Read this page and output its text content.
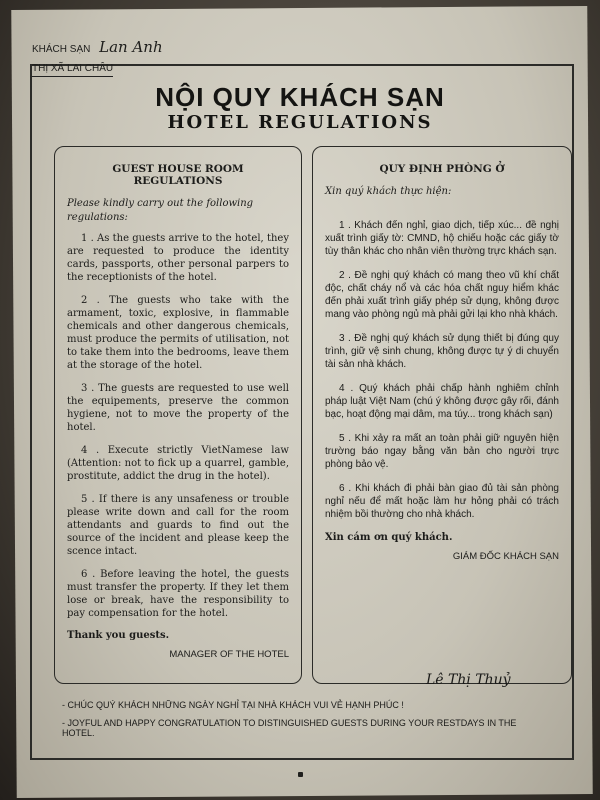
KHÁCH SẠN Lan Anh
THỊ XÃ LAI CHÂU
NỘI QUY KHÁCH SẠN
HOTEL REGULATIONS
GUEST HOUSE ROOM REGULATIONS
Please kindly carry out the following regulations:

1 . As the guests arrive to the hotel, they are requested to produce the identity cards, passports, other personal parpers to the receptionists of the hotel.

2 . The guests who take with the armament, toxic, explosive, in flammable chemicals and other dangerous chemicals, must produce the permits of utilisation, not to take them into the bedrooms, leave them at the storage of the hotel.

3 . The guests are requested to use well the equipements, preserve the common hygiene, not to move the property of the hotel.

4 . Execute strictly VietNamese law (Attention: not to fick up a quarrel, gamble, prostitute, addict the drug in the hotel).

5 . If there is any unsafeness or trouble please write down and call for the room attendants and guards to find out the source of the incident and please keep the scence intact.

6 . Before leaving the hotel, the guests must transfer the property. If they let them lose or break, have the responsibility to pay compensation for the hotel.

Thank you guests.
MANAGER OF THE HOTEL
QUY ĐỊNH PHÒNG Ở
Xin quý khách thực hiện:

1 . Khách đến nghỉ, giao dịch, tiếp xúc... đề nghị xuất trình giấy tờ: CMND, hộ chiếu hoặc các giấy tờ tùy thân khác cho nhân viên thường trực khách sạn.

2 . Đề nghị quý khách có mang theo vũ khí chất độc, chất cháy nổ và các hóa chất nguy hiểm khác đến phải xuất trình giấy phép sử dụng, không được mang vào phòng ngủ mà phải gửi lại kho nhà khách.

3 . Đề nghị quý khách sử dụng thiết bị đúng quy trình, giữ vệ sinh chung, không được tự ý di chuyển tài sản nhà khách.

4 . Quý khách phải chấp hành nghiêm chỉnh pháp luật Việt Nam (chú ý không được gây rối, đánh bạc, hoạt động mại dâm, ma túy... trong khách sạn)

5 . Khi xảy ra mất an toàn phải giữ nguyên hiện trường báo ngay bằng văn bản cho người trực phòng bảo vệ.

6 . Khi khách đi phải bàn giao đủ tài sản phòng nghỉ nếu để mất hoặc làm hư hỏng phải có trách nhiệm bồi thường cho nhà khách.

Xin cám ơn quý khách.
GIÁM ĐỐC KHÁCH SẠN
Lê Thị Thuỷ
- CHÚC QUÝ KHÁCH NHỮNG NGÀY NGHỈ TẠI NHÀ KHÁCH VUI VẺ HẠNH PHÚC !
- JOYFUL AND HAPPY CONGRATULATION TO DISTINGUISHED GUESTS DURING YOUR RESTDAYS IN THE HOTEL.
